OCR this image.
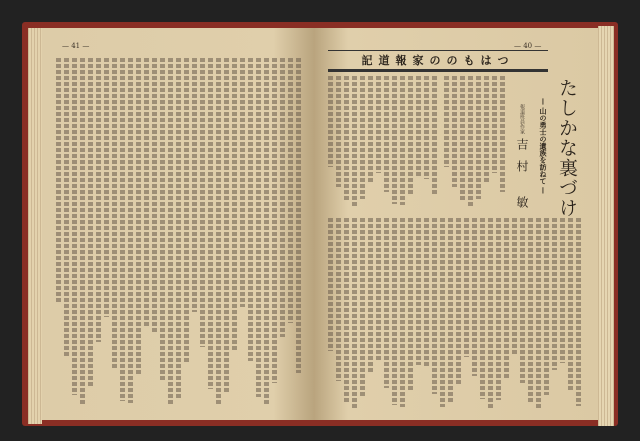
— 41 —	— 40 —
つはものの家報道記
たしかな裏づけ
— 山の勇士の遺族を訪ねて —
報道班員作家
吉村 敏
